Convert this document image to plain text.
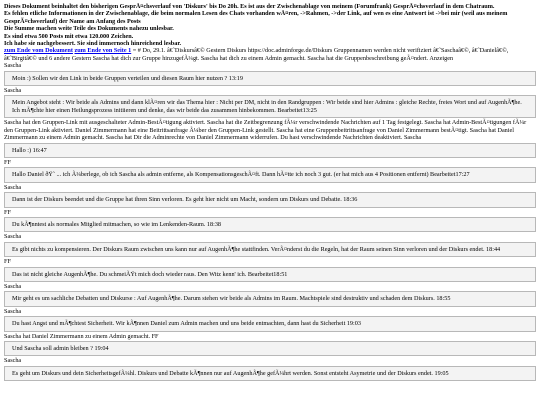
Dieses Dokument beinhaltet den bisherigen GesprÃ¤chsverlauf von 'Diskurs' bis Do 20h. Es ist aus der Zwischenablage von meinem (Forumfrank) GesprÃ¤chsverlauf in dem Chatraum.
Es fehlen etliche Informationen in der Zwischenablage, die beim normalen Lesen des Chats vorhanden wÃ¤ren, ->Rahmen, ->der Link, auf wen es eine Antwort ist ->bei mir (weil aus meinem GesprÃ¤chsverlauf) der Name am Anfang des Posts
Die Summe machen weite Teile des Dokuments nahezu unlesbar.
Es sind etwa 500 Posts mit etwa 120.000 Zeichen.
Ich habe sie nachgebessert. Sie sind immernoch hinreichend lesbar.
zum Ende vom Dokument zum Ende von Seite 1 = # Do, 29.1. â€˜Diskursâ€© Gestern Diskurs https://doc.adminforge.de/Diskurs Gruppennamen werden nicht verifiziert â€˜Saschaâ€©, â€˜Danielâ€©, â€˜Birgitâ€© und 6 andere Gestern Sascha hat dich zur Gruppe hinzugefÃ¼gt. Sascha hat dich zu einem Admin gemacht. Sascha hat die Gruppenbeschreibung geÃ¤ndert. Anzeigen
Sascha
Moin :) Sollen wir den Link in beide Gruppen verteilen und diesen Raum hier nutzen ? 13:19
Sascha
Mein Angebot steht : Wir beide als Admins und dann klÃ¤ren wir das Thema hier : Nicht per DM, nicht in den Randgruppen : Wir beide sind hier Admins : gleiche Rechte, freies Wort und auf AugenhÃ¶he. Ich mÃ¶chte hier einen Heilungsprozess initiieren und denke, das wir beide das zusammen hinbekommen. Bearbeitet13:25
Sascha hat den Gruppen-Link mit ausgeschalteter Admin-BestÃ¤tigung aktiviert. Sascha hat die Zeitbegrenzung fÃ¼r verschwindende Nachrichten auf 1 Tag festgelegt. Sascha hat Admin-BestÃ¤tigungen fÃ¼r den Gruppen-Link aktiviert. Daniel Zimmermann hat eine Beitrittsanfrage Ã¼ber den Gruppen-Link gestellt. Sascha hat eine Gruppenbeitrittsanfrage von Daniel Zimmermann bestÃ¤tigt. Sascha hat Daniel Zimmermann zu einem Admin gemacht. Sascha hat Dir die Adminrechte von Daniel Zimmermann widerrufen. Du hast verschwindende Nachrichten deaktiviert. Sascha
Hallo :) 16:47
FF
Hallo Daniel ðŸ˜ ... ich Ã¼berlege, ob ich Sascha als admin entferne, als KompensationsgeschÃ¤ft. Dann hÃ¤tte ich noch 3 gut. (er hat mich aus 4 Positionen entfernt) Bearbeitet17:27
Sascha
Dann ist der Diskurs beendet und die Gruppe hat ihren Sinn verloren. Es geht hier nicht um Macht, sondern um Diskurs und Debatte. 18:36
FF
Du kÃ¶nntest als normales Mitglied mitmachen, so wie im Lenkenden-Raum. 18:38
Sascha
Es gibt nichts zu kompensieren. Der Diskurs Raum zwischen uns kann nur auf AugenhÃ¶he stattfinden. VerÃ¤nderst du die Regeln, hat der Raum seinen Sinn verloren und der Diskurs endet. 18:44
FF
Das ist nicht gleiche AugenhÃ¶he. Du schmeiÃŸt mich doch wieder raus. Den Witz kenn' ich. Bearbeitet18:51
Sascha
Mir geht es um sachliche Debatten und Diskurse : Auf AugenhÃ¶he. Darum stehen wir beide als Admins im Raum. Machtspiele sind destruktiv und schaden dem Diskurs. 18:55
Sascha
Du hast Angst und mÃ¶chtest Sicherheit. Wir kÃ¶nnen Daniel zum Admin machen und uns beide entmachten, dann hast du Sicherheit 19:03
Sascha hat Daniel Zimmermann zu einem Admin gemacht. FF
Und Sascha soll admin bleiben ? 19:04
Sascha
Es geht um Diskurs und dein SicherheitsgefÃ¼hl. Diskurs und Debatte kÃ¶nnen nur auf AugenhÃ¶he gefÃ¼hrt werden. Sonst entsteht Asymetrie und der Diskurs endet. 19:05
